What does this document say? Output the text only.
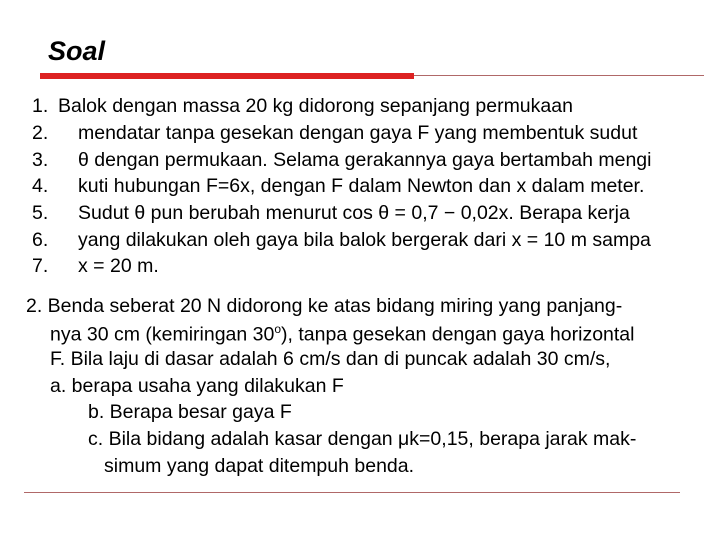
Soal
1. Balok dengan massa 20 kg didorong sepanjang permukaan
2. mendatar tanpa gesekan dengan gaya F yang membentuk sudut
3. θ dengan permukaan. Selama gerakannya gaya bertambah mengi
4. kuti hubungan F=6x, dengan F dalam Newton dan x dalam meter.
5. Sudut θ pun berubah menurut cos θ = 0,7 − 0,02x. Berapa kerja
6. yang dilakukan oleh gaya bila balok bergerak dari x = 10 m sampa
7. x = 20 m.
2. Benda seberat 20 N didorong ke atas bidang miring yang panjang-
nya 30 cm (kemiringan 30$^o$), tanpa gesekan dengan gaya horizontal
F. Bila laju di dasar adalah 6 cm/s dan di puncak adalah 30 cm/s,
a. berapa usaha yang dilakukan F
b. Berapa besar gaya F
c. Bila bidang adalah kasar dengan μk=0,15, berapa jarak mak-
simum yang dapat ditempuh benda.
